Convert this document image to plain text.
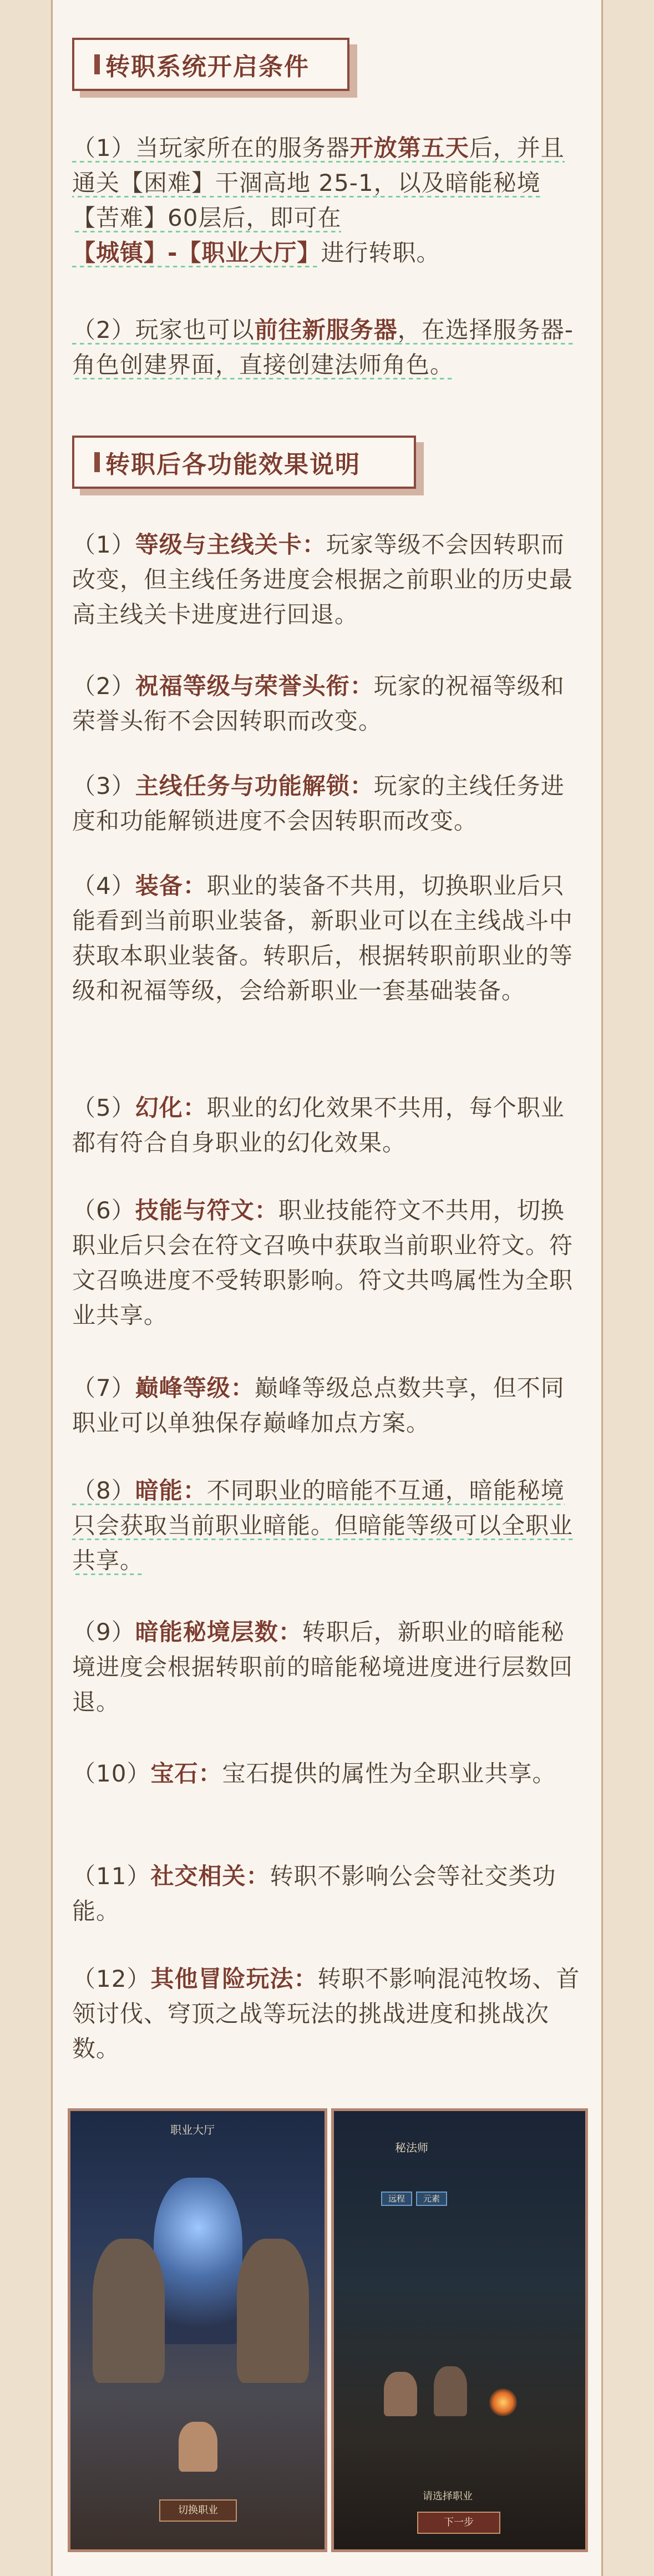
转职系统开启条件
（1）当玩家所在的服务器开放第五天后，并且通关【困难】干涸高地 25-1，以及暗能秘境【苦难】60层后，即可在【城镇】-【职业大厅】进行转职。
（2）玩家也可以前往新服务器，在选择服务器-角色创建界面，直接创建法师角色。
转职后各功能效果说明
（1）等级与主线关卡：玩家等级不会因转职而改变，但主线任务进度会根据之前职业的历史最高主线关卡进度进行回退。
（2）祝福等级与荣誉头衔：玩家的祝福等级和荣誉头衔不会因转职而改变。
（3）主线任务与功能解锁：玩家的主线任务进度和功能解锁进度不会因转职而改变。
（4）装备：职业的装备不共用，切换职业后只能看到当前职业装备，新职业可以在主线战斗中获取本职业装备。转职后，根据转职前职业的等级和祝福等级，会给新职业一套基础装备。
（5）幻化：职业的幻化效果不共用，每个职业都有符合自身职业的幻化效果。
（6）技能与符文：职业技能符文不共用，切换职业后只会在符文召唤中获取当前职业符文。符文召唤进度不受转职影响。符文共鸣属性为全职业共享。
（7）巅峰等级：巅峰等级总点数共享，但不同职业可以单独保存巅峰加点方案。
（8）暗能：不同职业的暗能不互通，暗能秘境只会获取当前职业暗能。但暗能等级可以全职业共享。
（9）暗能秘境层数：转职后，新职业的暗能秘境进度会根据转职前的暗能秘境进度进行层数回退。
（10）宝石：宝石提供的属性为全职业共享。
（11）社交相关：转职不影响公会等社交类功能。
（12）其他冒险玩法：转职不影响混沌牧场、首领讨伐、穹顶之战等玩法的挑战进度和挑战次数。
职业大厅
切换职业
秘法师
远程	元素
请选择职业
下一步
